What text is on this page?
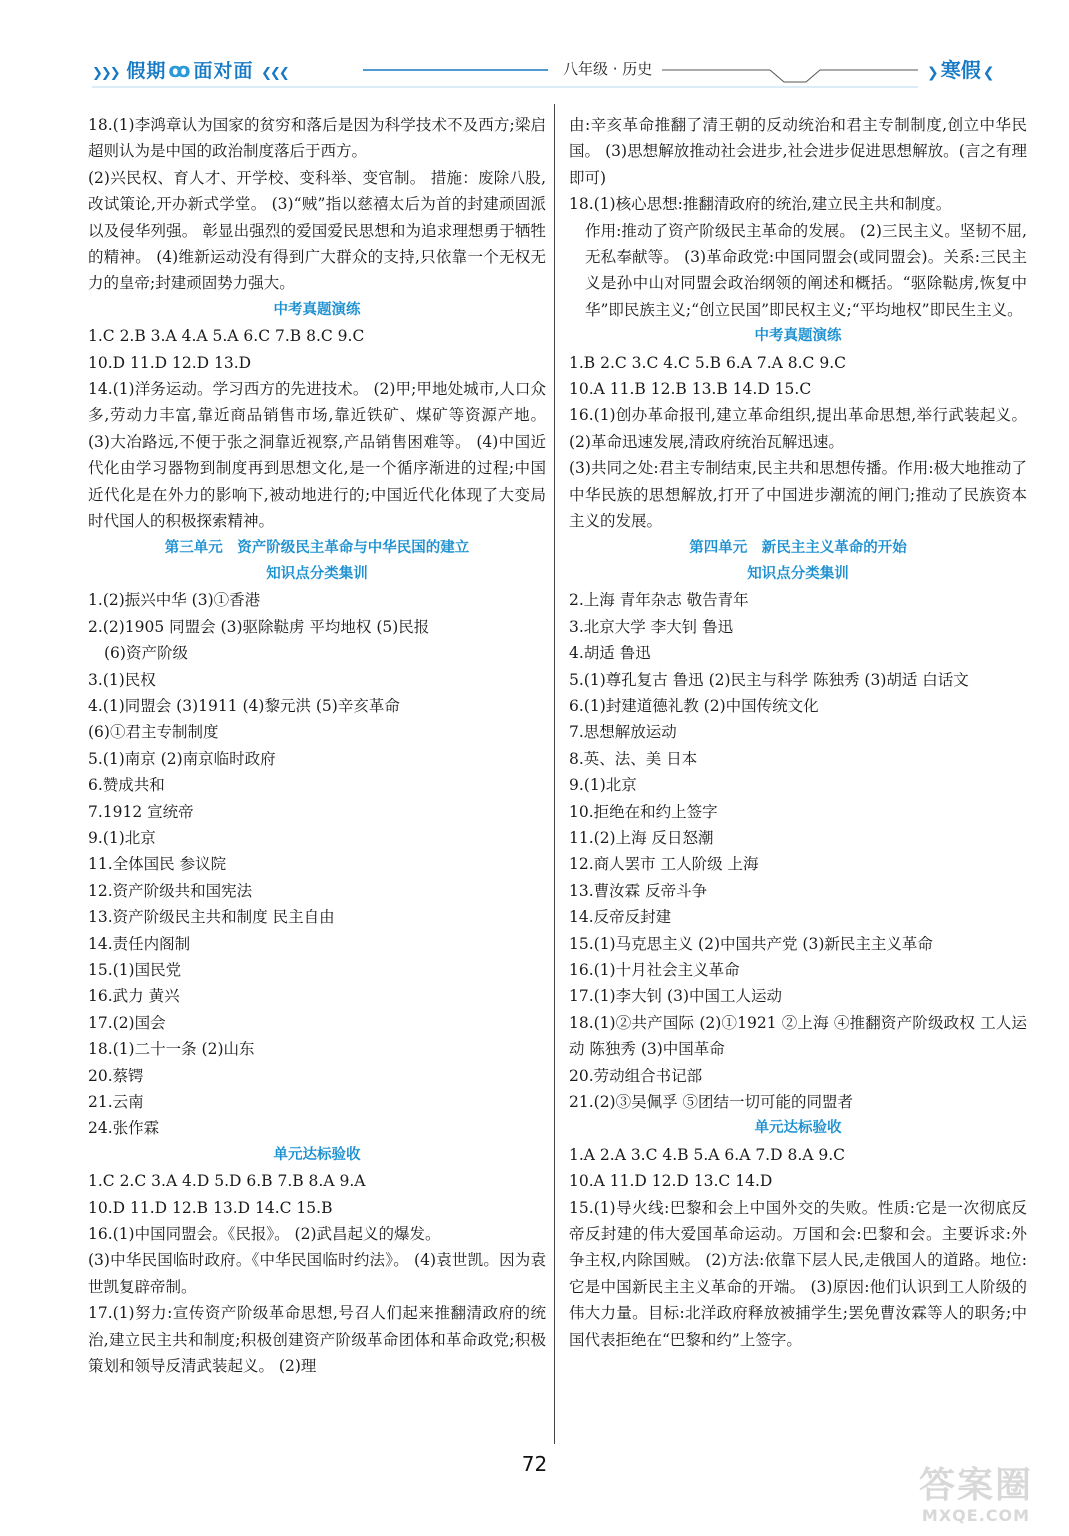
❯❯❯ 假期 ꝏ 面对面 ❮❮❮	八年级 · 历史	❯ 寒假 ❮

18.(1)李鸿章认为国家的贫穷和落后是因为科学技术不及西方;梁启超则认为是中国的政治制度落后于西方。

(2)兴民权、育人才、开学校、变科举、变官制。 措施：废除八股,改试策论,开办新式学堂。 (3)“贼”指以慈禧太后为首的封建顽固派以及侵华列强。 彰显出强烈的爱国爱民思想和为追求理想勇于牺牲的精神。 (4)维新运动没有得到广大群众的支持,只依靠一个无权无力的皇帝;封建顽固势力强大。

中考真题演练

1.C 2.B 3.A 4.A 5.A 6.C 7.B 8.C 9.C

10.D 11.D 12.D 13.D

14.(1)洋务运动。学习西方的先进技术。 (2)甲;甲地处城市,人口众多,劳动力丰富,靠近商品销售市场,靠近铁矿、煤矿等资源产地。 (3)大冶路远,不便于张之洞靠近视察,产品销售困难等。 (4)中国近代化由学习器物到制度再到思想文化,是一个循序渐进的过程;中国近代化是在外力的影响下,被动地进行的;中国近代化体现了大变局时代国人的积极探索精神。

第三单元　资产阶级民主革命与中华民国的建立

知识点分类集训

1.(2)振兴中华 (3)①香港

2.(2)1905 同盟会 (3)驱除鞑虏 平均地权 (5)民报

(6)资产阶级

3.(1)民权

4.(1)同盟会 (3)1911 (4)黎元洪 (5)辛亥革命

(6)①君主专制制度

5.(1)南京 (2)南京临时政府

6.赞成共和

7.1912 宣统帝

9.(1)北京

11.全体国民 参议院

12.资产阶级共和国宪法

13.资产阶级民主共和制度 民主自由

14.责任内阁制

15.(1)国民党

16.武力 黄兴

17.(2)国会

18.(1)二十一条 (2)山东

20.蔡锷

21.云南

24.张作霖

单元达标验收

1.C 2.C 3.A 4.D 5.D 6.B 7.B 8.A 9.A

10.D 11.D 12.B 13.D 14.C 15.B

16.(1)中国同盟会。《民报》。 (2)武昌起义的爆发。

(3)中华民国临时政府。《中华民国临时约法》。 (4)袁世凯。因为袁世凯复辟帝制。

17.(1)努力:宣传资产阶级革命思想,号召人们起来推翻清政府的统治,建立民主共和制度;积极创建资产阶级革命团体和革命政党;积极策划和领导反清武装起义。 (2)理

由:辛亥革命推翻了清王朝的反动统治和君主专制制度,创立中华民国。 (3)思想解放推动社会进步,社会进步促进思想解放。(言之有理即可)

18.(1)核心思想:推翻清政府的统治,建立民主共和制度。

作用:推动了资产阶级民主革命的发展。 (2)三民主义。坚韧不屈,无私奉献等。 (3)革命政党:中国同盟会(或同盟会)。关系:三民主义是孙中山对同盟会政治纲领的阐述和概括。“驱除鞑虏,恢复中华”即民族主义;“创立民国”即民权主义;“平均地权”即民生主义。

中考真题演练

1.B 2.C 3.C 4.C 5.B 6.A 7.A 8.C 9.C

10.A 11.B 12.B 13.B 14.D 15.C

16.(1)创办革命报刊,建立革命组织,提出革命思想,举行武装起义。 (2)革命迅速发展,清政府统治瓦解迅速。

(3)共同之处:君主专制结束,民主共和思想传播。作用:极大地推动了中华民族的思想解放,打开了中国进步潮流的闸门;推动了民族资本主义的发展。

第四单元　新民主主义革命的开始

知识点分类集训

2.上海 青年杂志 敬告青年

3.北京大学 李大钊 鲁迅

4.胡适 鲁迅

5.(1)尊孔复古 鲁迅 (2)民主与科学 陈独秀 (3)胡适 白话文

6.(1)封建道德礼教 (2)中国传统文化

7.思想解放运动

8.英、法、美 日本

9.(1)北京

10.拒绝在和约上签字

11.(2)上海 反日怒潮

12.商人罢市 工人阶级 上海

13.曹汝霖 反帝斗争

14.反帝反封建

15.(1)马克思主义 (2)中国共产党 (3)新民主主义革命

16.(1)十月社会主义革命

17.(1)李大钊 (3)中国工人运动

18.(1)②共产国际 (2)①1921 ②上海 ④推翻资产阶级政权 工人运动 陈独秀 (3)中国革命

20.劳动组合书记部

21.(2)③吴佩孚 ⑤团结一切可能的同盟者

单元达标验收

1.A 2.A 3.C 4.B 5.A 6.A 7.D 8.A 9.C

10.A 11.D 12.D 13.C 14.D

15.(1)导火线:巴黎和会上中国外交的失败。性质:它是一次彻底反帝反封建的伟大爱国革命运动。万国和会:巴黎和会。主要诉求:外争主权,内除国贼。 (2)方法:依靠下层人民,走俄国人的道路。地位:它是中国新民主主义革命的开端。 (3)原因:他们认识到工人阶级的伟大力量。目标:北洋政府释放被捕学生;罢免曹汝霖等人的职务;中国代表拒绝在“巴黎和约”上签字。

72
答案圈
MXQE.COM
